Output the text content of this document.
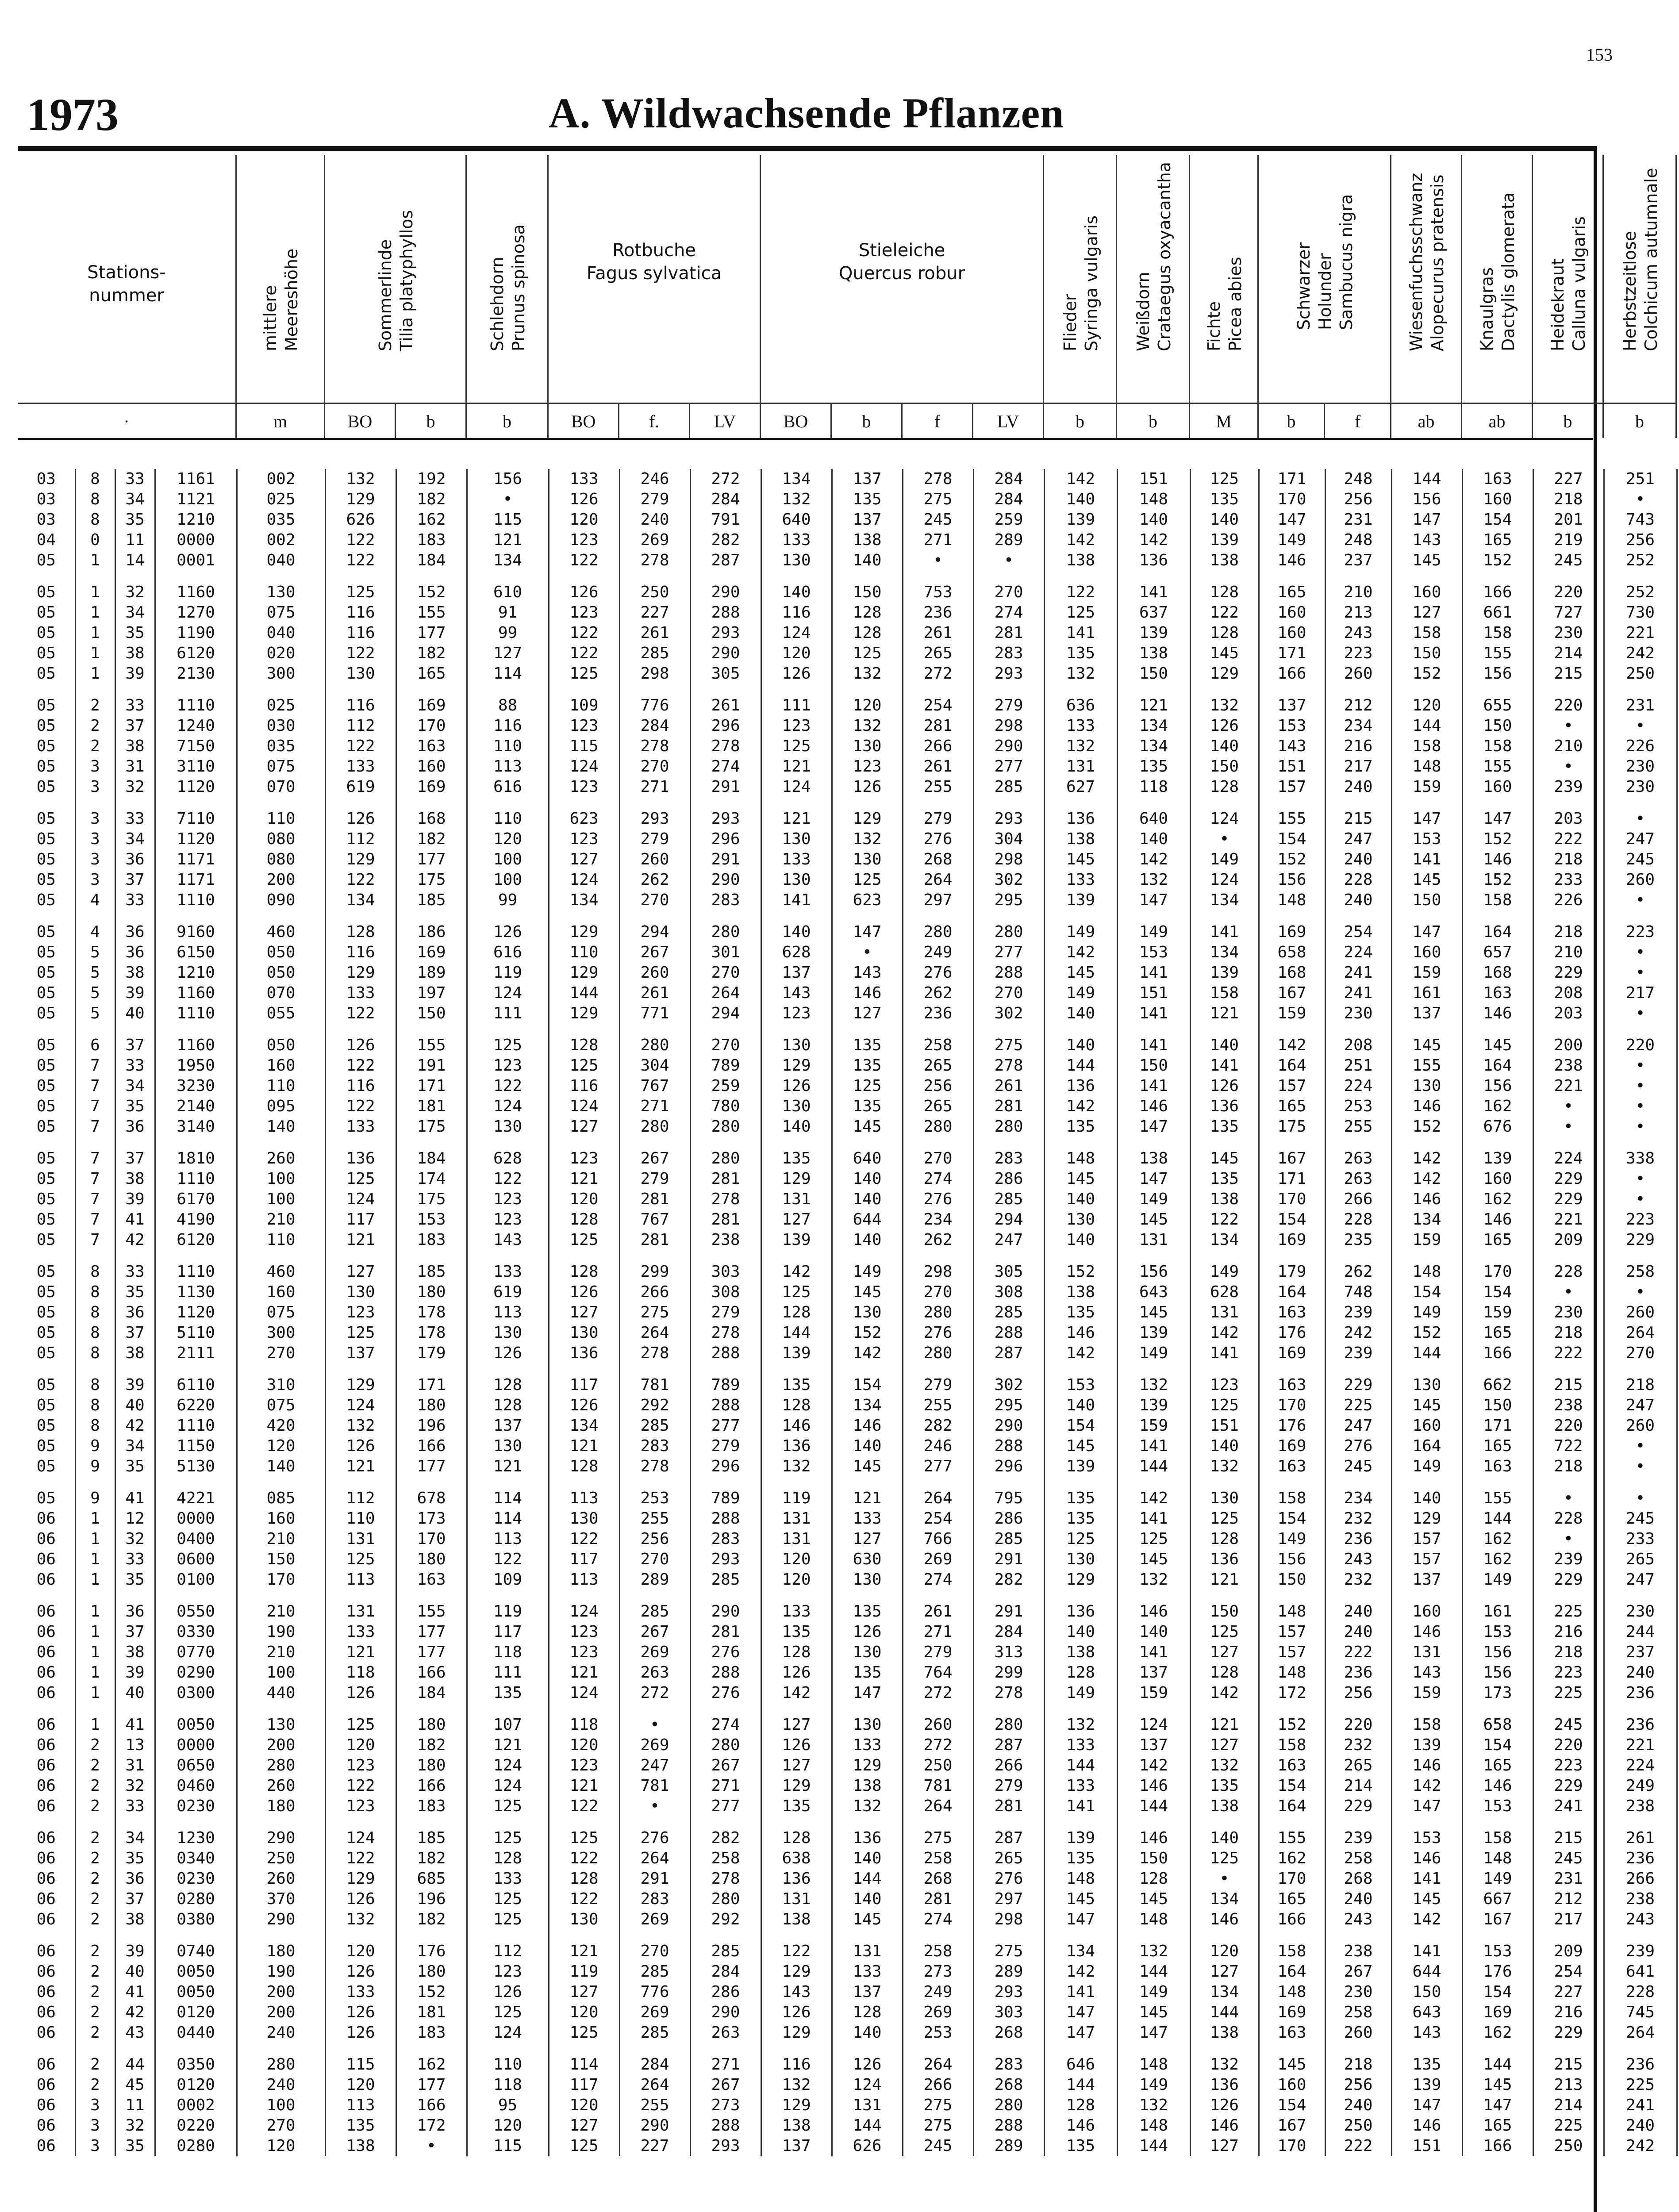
153
1973	A. Wildwachsende Pflanzen
Stations-
nummer
·
mittlere
Meereshöhe
m
Sommerlinde
Tilia platyphyllos
BO	b
Schlehdorn
Prunus spinosa
b
Rotbuche
Fagus sylvatica
BO	f.	LV
Stieleiche
Quercus robur
BO	b	f	LV
Flieder
Syringa vulgaris
b
Weißdorn
Crataegus oxyacantha
b
Fichte
Picea abies
M
Schwarzer
Holunder
Sambucus nigra
b	f
Wiesenfuchsschwanz
Alopecurus pratensis
ab
Knaulgras
Dactylis glomerata
ab
Heidekraut
Calluna vulgaris
b
Herbstzeitlose
Colchicum autumnale
b
03	8	33	1161	002	132	192	156	133	246	272	134	137	278	284	142	151	125	171	248	144	163	227	251
03	8	34	1121	025	129	182	•	126	279	284	132	135	275	284	140	148	135	170	256	156	160	218	•
03	8	35	1210	035	626	162	115	120	240	791	640	137	245	259	139	140	140	147	231	147	154	201	743
04	0	11	0000	002	122	183	121	123	269	282	133	138	271	289	142	142	139	149	248	143	165	219	256
05	1	14	0001	040	122	184	134	122	278	287	130	140	•	•	138	136	138	146	237	145	152	245	252
05	1	32	1160	130	125	152	610	126	250	290	140	150	753	270	122	141	128	165	210	160	166	220	252
05	1	34	1270	075	116	155	91	123	227	288	116	128	236	274	125	637	122	160	213	127	661	727	730
05	1	35	1190	040	116	177	99	122	261	293	124	128	261	281	141	139	128	160	243	158	158	230	221
05	1	38	6120	020	122	182	127	122	285	290	120	125	265	283	135	138	145	171	223	150	155	214	242
05	1	39	2130	300	130	165	114	125	298	305	126	132	272	293	132	150	129	166	260	152	156	215	250
05	2	33	1110	025	116	169	88	109	776	261	111	120	254	279	636	121	132	137	212	120	655	220	231
05	2	37	1240	030	112	170	116	123	284	296	123	132	281	298	133	134	126	153	234	144	150	•	•
05	2	38	7150	035	122	163	110	115	278	278	125	130	266	290	132	134	140	143	216	158	158	210	226
05	3	31	3110	075	133	160	113	124	270	274	121	123	261	277	131	135	150	151	217	148	155	•	230
05	3	32	1120	070	619	169	616	123	271	291	124	126	255	285	627	118	128	157	240	159	160	239	230
05	3	33	7110	110	126	168	110	623	293	293	121	129	279	293	136	640	124	155	215	147	147	203	•
05	3	34	1120	080	112	182	120	123	279	296	130	132	276	304	138	140	•	154	247	153	152	222	247
05	3	36	1171	080	129	177	100	127	260	291	133	130	268	298	145	142	149	152	240	141	146	218	245
05	3	37	1171	200	122	175	100	124	262	290	130	125	264	302	133	132	124	156	228	145	152	233	260
05	4	33	1110	090	134	185	99	134	270	283	141	623	297	295	139	147	134	148	240	150	158	226	•
05	4	36	9160	460	128	186	126	129	294	280	140	147	280	280	149	149	141	169	254	147	164	218	223
05	5	36	6150	050	116	169	616	110	267	301	628	•	249	277	142	153	134	658	224	160	657	210	•
05	5	38	1210	050	129	189	119	129	260	270	137	143	276	288	145	141	139	168	241	159	168	229	•
05	5	39	1160	070	133	197	124	144	261	264	143	146	262	270	149	151	158	167	241	161	163	208	217
05	5	40	1110	055	122	150	111	129	771	294	123	127	236	302	140	141	121	159	230	137	146	203	•
05	6	37	1160	050	126	155	125	128	280	270	130	135	258	275	140	141	140	142	208	145	145	200	220
05	7	33	1950	160	122	191	123	125	304	789	129	135	265	278	144	150	141	164	251	155	164	238	•
05	7	34	3230	110	116	171	122	116	767	259	126	125	256	261	136	141	126	157	224	130	156	221	•
05	7	35	2140	095	122	181	124	124	271	780	130	135	265	281	142	146	136	165	253	146	162	•	•
05	7	36	3140	140	133	175	130	127	280	280	140	145	280	280	135	147	135	175	255	152	676	•	•
05	7	37	1810	260	136	184	628	123	267	280	135	640	270	283	148	138	145	167	263	142	139	224	338
05	7	38	1110	100	125	174	122	121	279	281	129	140	274	286	145	147	135	171	263	142	160	229	•
05	7	39	6170	100	124	175	123	120	281	278	131	140	276	285	140	149	138	170	266	146	162	229	•
05	7	41	4190	210	117	153	123	128	767	281	127	644	234	294	130	145	122	154	228	134	146	221	223
05	7	42	6120	110	121	183	143	125	281	238	139	140	262	247	140	131	134	169	235	159	165	209	229
05	8	33	1110	460	127	185	133	128	299	303	142	149	298	305	152	156	149	179	262	148	170	228	258
05	8	35	1130	160	130	180	619	126	266	308	125	145	270	308	138	643	628	164	748	154	154	•	•
05	8	36	1120	075	123	178	113	127	275	279	128	130	280	285	135	145	131	163	239	149	159	230	260
05	8	37	5110	300	125	178	130	130	264	278	144	152	276	288	146	139	142	176	242	152	165	218	264
05	8	38	2111	270	137	179	126	136	278	288	139	142	280	287	142	149	141	169	239	144	166	222	270
05	8	39	6110	310	129	171	128	117	781	789	135	154	279	302	153	132	123	163	229	130	662	215	218
05	8	40	6220	075	124	180	128	126	292	288	128	134	255	295	140	139	125	170	225	145	150	238	247
05	8	42	1110	420	132	196	137	134	285	277	146	146	282	290	154	159	151	176	247	160	171	220	260
05	9	34	1150	120	126	166	130	121	283	279	136	140	246	288	145	141	140	169	276	164	165	722	•
05	9	35	5130	140	121	177	121	128	278	296	132	145	277	296	139	144	132	163	245	149	163	218	•
05	9	41	4221	085	112	678	114	113	253	789	119	121	264	795	135	142	130	158	234	140	155	•	•
06	1	12	0000	160	110	173	114	130	255	288	131	133	254	286	135	141	125	154	232	129	144	228	245
06	1	32	0400	210	131	170	113	122	256	283	131	127	766	285	125	125	128	149	236	157	162	•	233
06	1	33	0600	150	125	180	122	117	270	293	120	630	269	291	130	145	136	156	243	157	162	239	265
06	1	35	0100	170	113	163	109	113	289	285	120	130	274	282	129	132	121	150	232	137	149	229	247
06	1	36	0550	210	131	155	119	124	285	290	133	135	261	291	136	146	150	148	240	160	161	225	230
06	1	37	0330	190	133	177	117	123	267	281	135	126	271	284	140	140	125	157	240	146	153	216	244
06	1	38	0770	210	121	177	118	123	269	276	128	130	279	313	138	141	127	157	222	131	156	218	237
06	1	39	0290	100	118	166	111	121	263	288	126	135	764	299	128	137	128	148	236	143	156	223	240
06	1	40	0300	440	126	184	135	124	272	276	142	147	272	278	149	159	142	172	256	159	173	225	236
06	1	41	0050	130	125	180	107	118	•	274	127	130	260	280	132	124	121	152	220	158	658	245	236
06	2	13	0000	200	120	182	121	120	269	280	126	133	272	287	133	137	127	158	232	139	154	220	221
06	2	31	0650	280	123	180	124	123	247	267	127	129	250	266	144	142	132	163	265	146	165	223	224
06	2	32	0460	260	122	166	124	121	781	271	129	138	781	279	133	146	135	154	214	142	146	229	249
06	2	33	0230	180	123	183	125	122	•	277	135	132	264	281	141	144	138	164	229	147	153	241	238
06	2	34	1230	290	124	185	125	125	276	282	128	136	275	287	139	146	140	155	239	153	158	215	261
06	2	35	0340	250	122	182	128	122	264	258	638	140	258	265	135	150	125	162	258	146	148	245	236
06	2	36	0230	260	129	685	133	128	291	278	136	144	268	276	148	128	•	170	268	141	149	231	266
06	2	37	0280	370	126	196	125	122	283	280	131	140	281	297	145	145	134	165	240	145	667	212	238
06	2	38	0380	290	132	182	125	130	269	292	138	145	274	298	147	148	146	166	243	142	167	217	243
06	2	39	0740	180	120	176	112	121	270	285	122	131	258	275	134	132	120	158	238	141	153	209	239
06	2	40	0050	190	126	180	123	119	285	284	129	133	273	289	142	144	127	164	267	644	176	254	641
06	2	41	0050	200	133	152	126	127	776	286	143	137	249	293	141	149	134	148	230	150	154	227	228
06	2	42	0120	200	126	181	125	120	269	290	126	128	269	303	147	145	144	169	258	643	169	216	745
06	2	43	0440	240	126	183	124	125	285	263	129	140	253	268	147	147	138	163	260	143	162	229	264
06	2	44	0350	280	115	162	110	114	284	271	116	126	264	283	646	148	132	145	218	135	144	215	236
06	2	45	0120	240	120	177	118	117	264	267	132	124	266	268	144	149	136	160	256	139	145	213	225
06	3	11	0002	100	113	166	95	120	255	273	129	131	275	280	128	132	126	154	240	147	147	214	241
06	3	32	0220	270	135	172	120	127	290	288	138	144	275	288	146	148	146	167	250	146	165	225	240
06	3	35	0280	120	138	•	115	125	227	293	137	626	245	289	135	144	127	170	222	151	166	250	242
